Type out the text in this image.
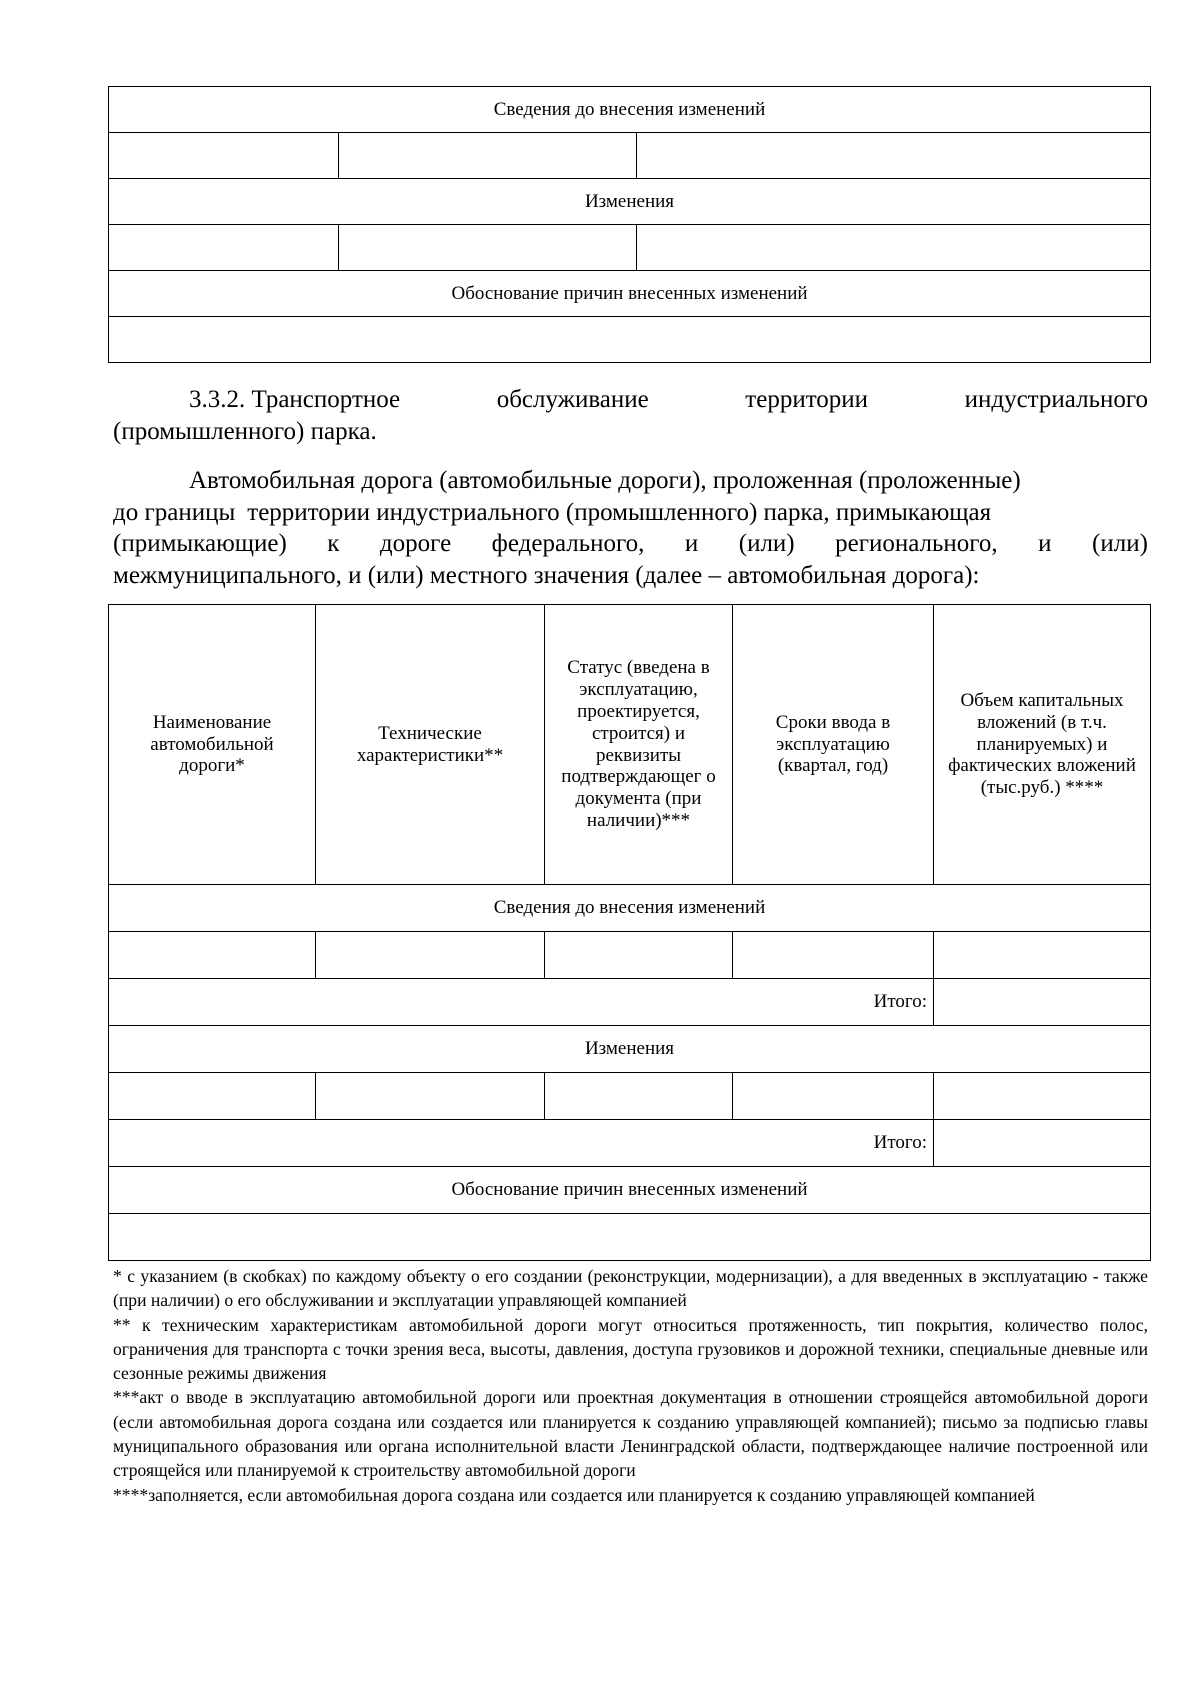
Сведения до внесения изменений		

Изменения		

Обоснование причин внесенных изменений		

3.3.2. Транспортное	обслуживание	территории	индустриального
(промышленного) парка.
Автомобильная дорога (автомобильные дороги), проложенная (проложенные)
до границы территории индустриального (промышленного) парка, примыкающая
(примыкающие) к дороге федерального, и (или) регионального, и (или)
межмуниципального, и (или) местного значения (далее – автомобильная дорога):
Наименование автомобильной дороги*	Технические характеристики**	Статус (введена в эксплуатацию, проектируется, строится) и реквизиты подтверждающег о документа (при наличии)***	Сроки ввода в эксплуатацию (квартал, год)	Объем капитальных вложений (в т.ч. планируемых) и фактических вложений (тыс.руб.) ****
Сведения до внесения изменений				

Итого:				
Изменения				

Итого:				
Обоснование причин внесенных изменений				

* с указанием (в скобках) по каждому объекту о его создании (реконструкции, модернизации), а для введенных в эксплуатацию - также (при наличии) о его обслуживании и эксплуатации управляющей компанией
** к техническим характеристикам автомобильной дороги могут относиться протяженность, тип покрытия, количество полос, ограничения для транспорта с точки зрения веса, высоты, давления, доступа грузовиков и дорожной техники, специальные дневные или сезонные режимы движения
***акт о вводе в эксплуатацию автомобильной дороги или проектная документация в отношении строящейся автомобильной дороги (если автомобильная дорога создана или создается или планируется к созданию управляющей компанией); письмо за подписью главы муниципального образования или органа исполнительной власти Ленинградской области, подтверждающее наличие построенной или строящейся или планируемой к строительству автомобильной дороги
****заполняется, если автомобильная дорога создана или создается или планируется к созданию управляющей компанией
